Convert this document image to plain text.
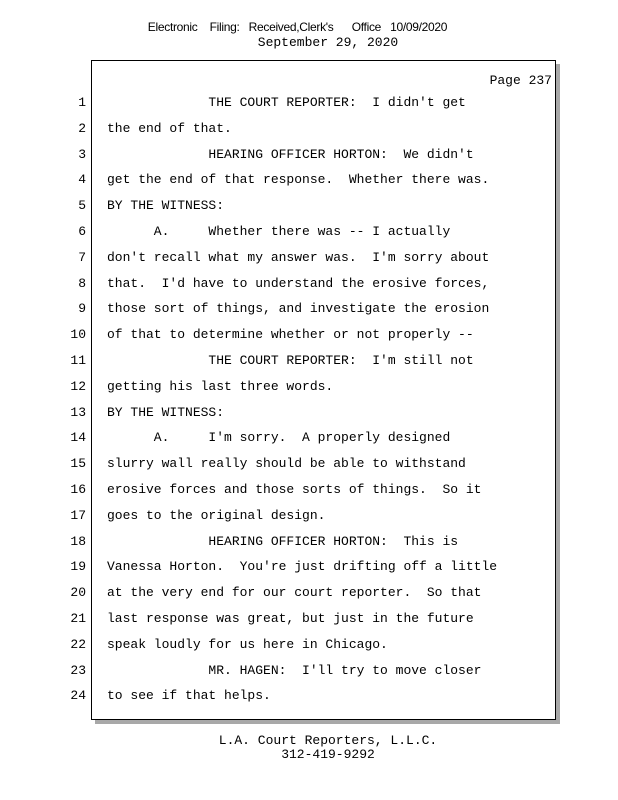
Electronic    Filing:   Received,Clerk's      Office   10/09/2020
September 29, 2020
Page 237
1 THE COURT REPORTER:  I didn't get
2 the end of that.
3 HEARING OFFICER HORTON:  We didn't
4 get the end of that response.  Whether there was.
5 BY THE WITNESS:
6 A.     Whether there was -- I actually
7 don't recall what my answer was.  I'm sorry about
8 that.  I'd have to understand the erosive forces,
9 those sort of things, and investigate the erosion
10 of that to determine whether or not properly --
11 THE COURT REPORTER:  I'm still not
12 getting his last three words.
13 BY THE WITNESS:
14 A.     I'm sorry.  A properly designed
15 slurry wall really should be able to withstand
16 erosive forces and those sorts of things.  So it
17 goes to the original design.
18 HEARING OFFICER HORTON:  This is
19 Vanessa Horton.  You're just drifting off a little
20 at the very end for our court reporter.  So that
21 last response was great, but just in the future
22 speak loudly for us here in Chicago.
23 MR. HAGEN:  I'll try to move closer
24 to see if that helps.
L.A. Court Reporters, L.L.C.
312-419-9292
